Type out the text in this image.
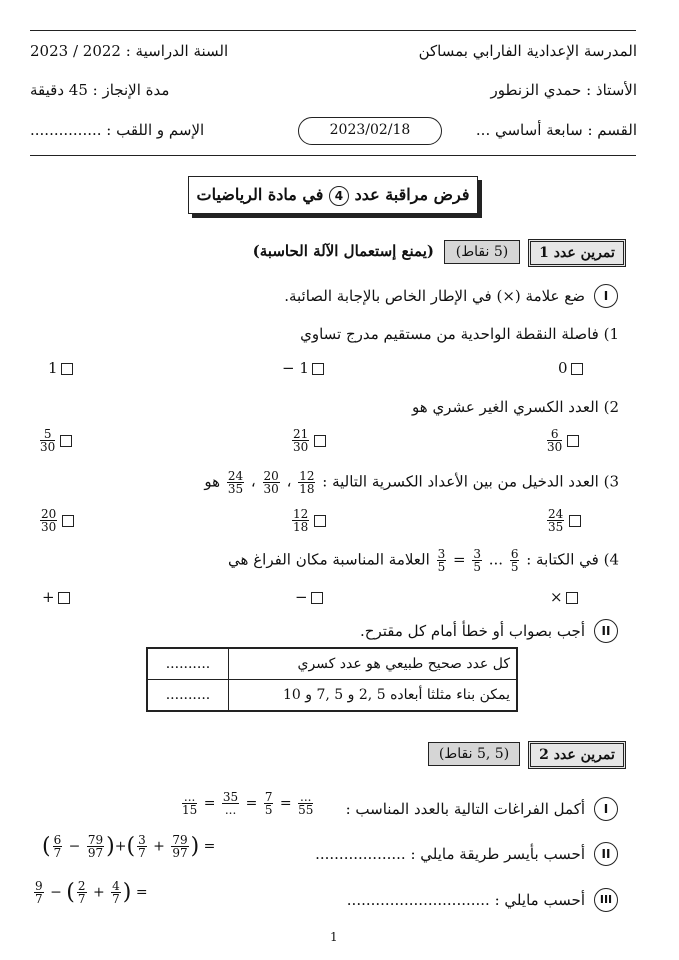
المدرسة الإعدادية الفارابي بمساكن
السنة الدراسية : 2022 / 2023
الأستاذ : حمدي الزنطور
مدة الإنجاز : 45 دقيقة
القسم : سابعة أساسي ...
2023/02/18
الإسم و اللقب : ...............
فرض مراقبة عدد 4 في مادة الرياضيات
تمرين عدد 1
(5 نقاط)
(يمنع إستعمال الآلة الحاسبة)
I
ضع علامة (×) في الإطار الخاص بالإجابة الصائبة.
1) فاصلة النقطة الواحدية من مستقيم مدرج تساوي
0
− 1
1
2) العدد الكسري الغير عشري هو
$\frac{6}{30}$
$\frac{21}{30}$
$\frac{5}{30}$
3) العدد الدخيل من بين الأعداد الكسرية التالية :
$\frac{12}{18}$
،
$\frac{20}{30}$
،
$\frac{24}{35}$
هو
$\frac{24}{35}$
$\frac{12}{18}$
$\frac{20}{30}$
4) في الكتابة :
$\frac{3}{5} = \frac{3}{5}$ ... $\frac{6}{5}$
العلامة المناسبة مكان الفراغ هي
×
−
+
II
أجب بصواب أو خطأ أمام كل مقترح.
..........	كل عدد صحيح طبيعي هو عدد كسري
..........	يمكن بناء مثلثا أبعاده 5 ,2 و 5 ,7 و 10
تمرين عدد 2
(5 ,5 نقاط)
I
أكمل الفراغات التالية بالعدد المناسب :
$\frac{...}{15} = \frac{35}{...} = \frac{7}{5} = \frac{...}{55}$
II
أحسب بأيسر طريقة مايلي : ...................
( $\frac{6}{7} - \frac{79}{97}$ )+( $\frac{3}{7} + \frac{79}{97}$ ) =
III
أحسب مايلي : ..............................
$\frac{9}{7}$ − ( $\frac{2}{7} + \frac{4}{7}$ ) =
1
